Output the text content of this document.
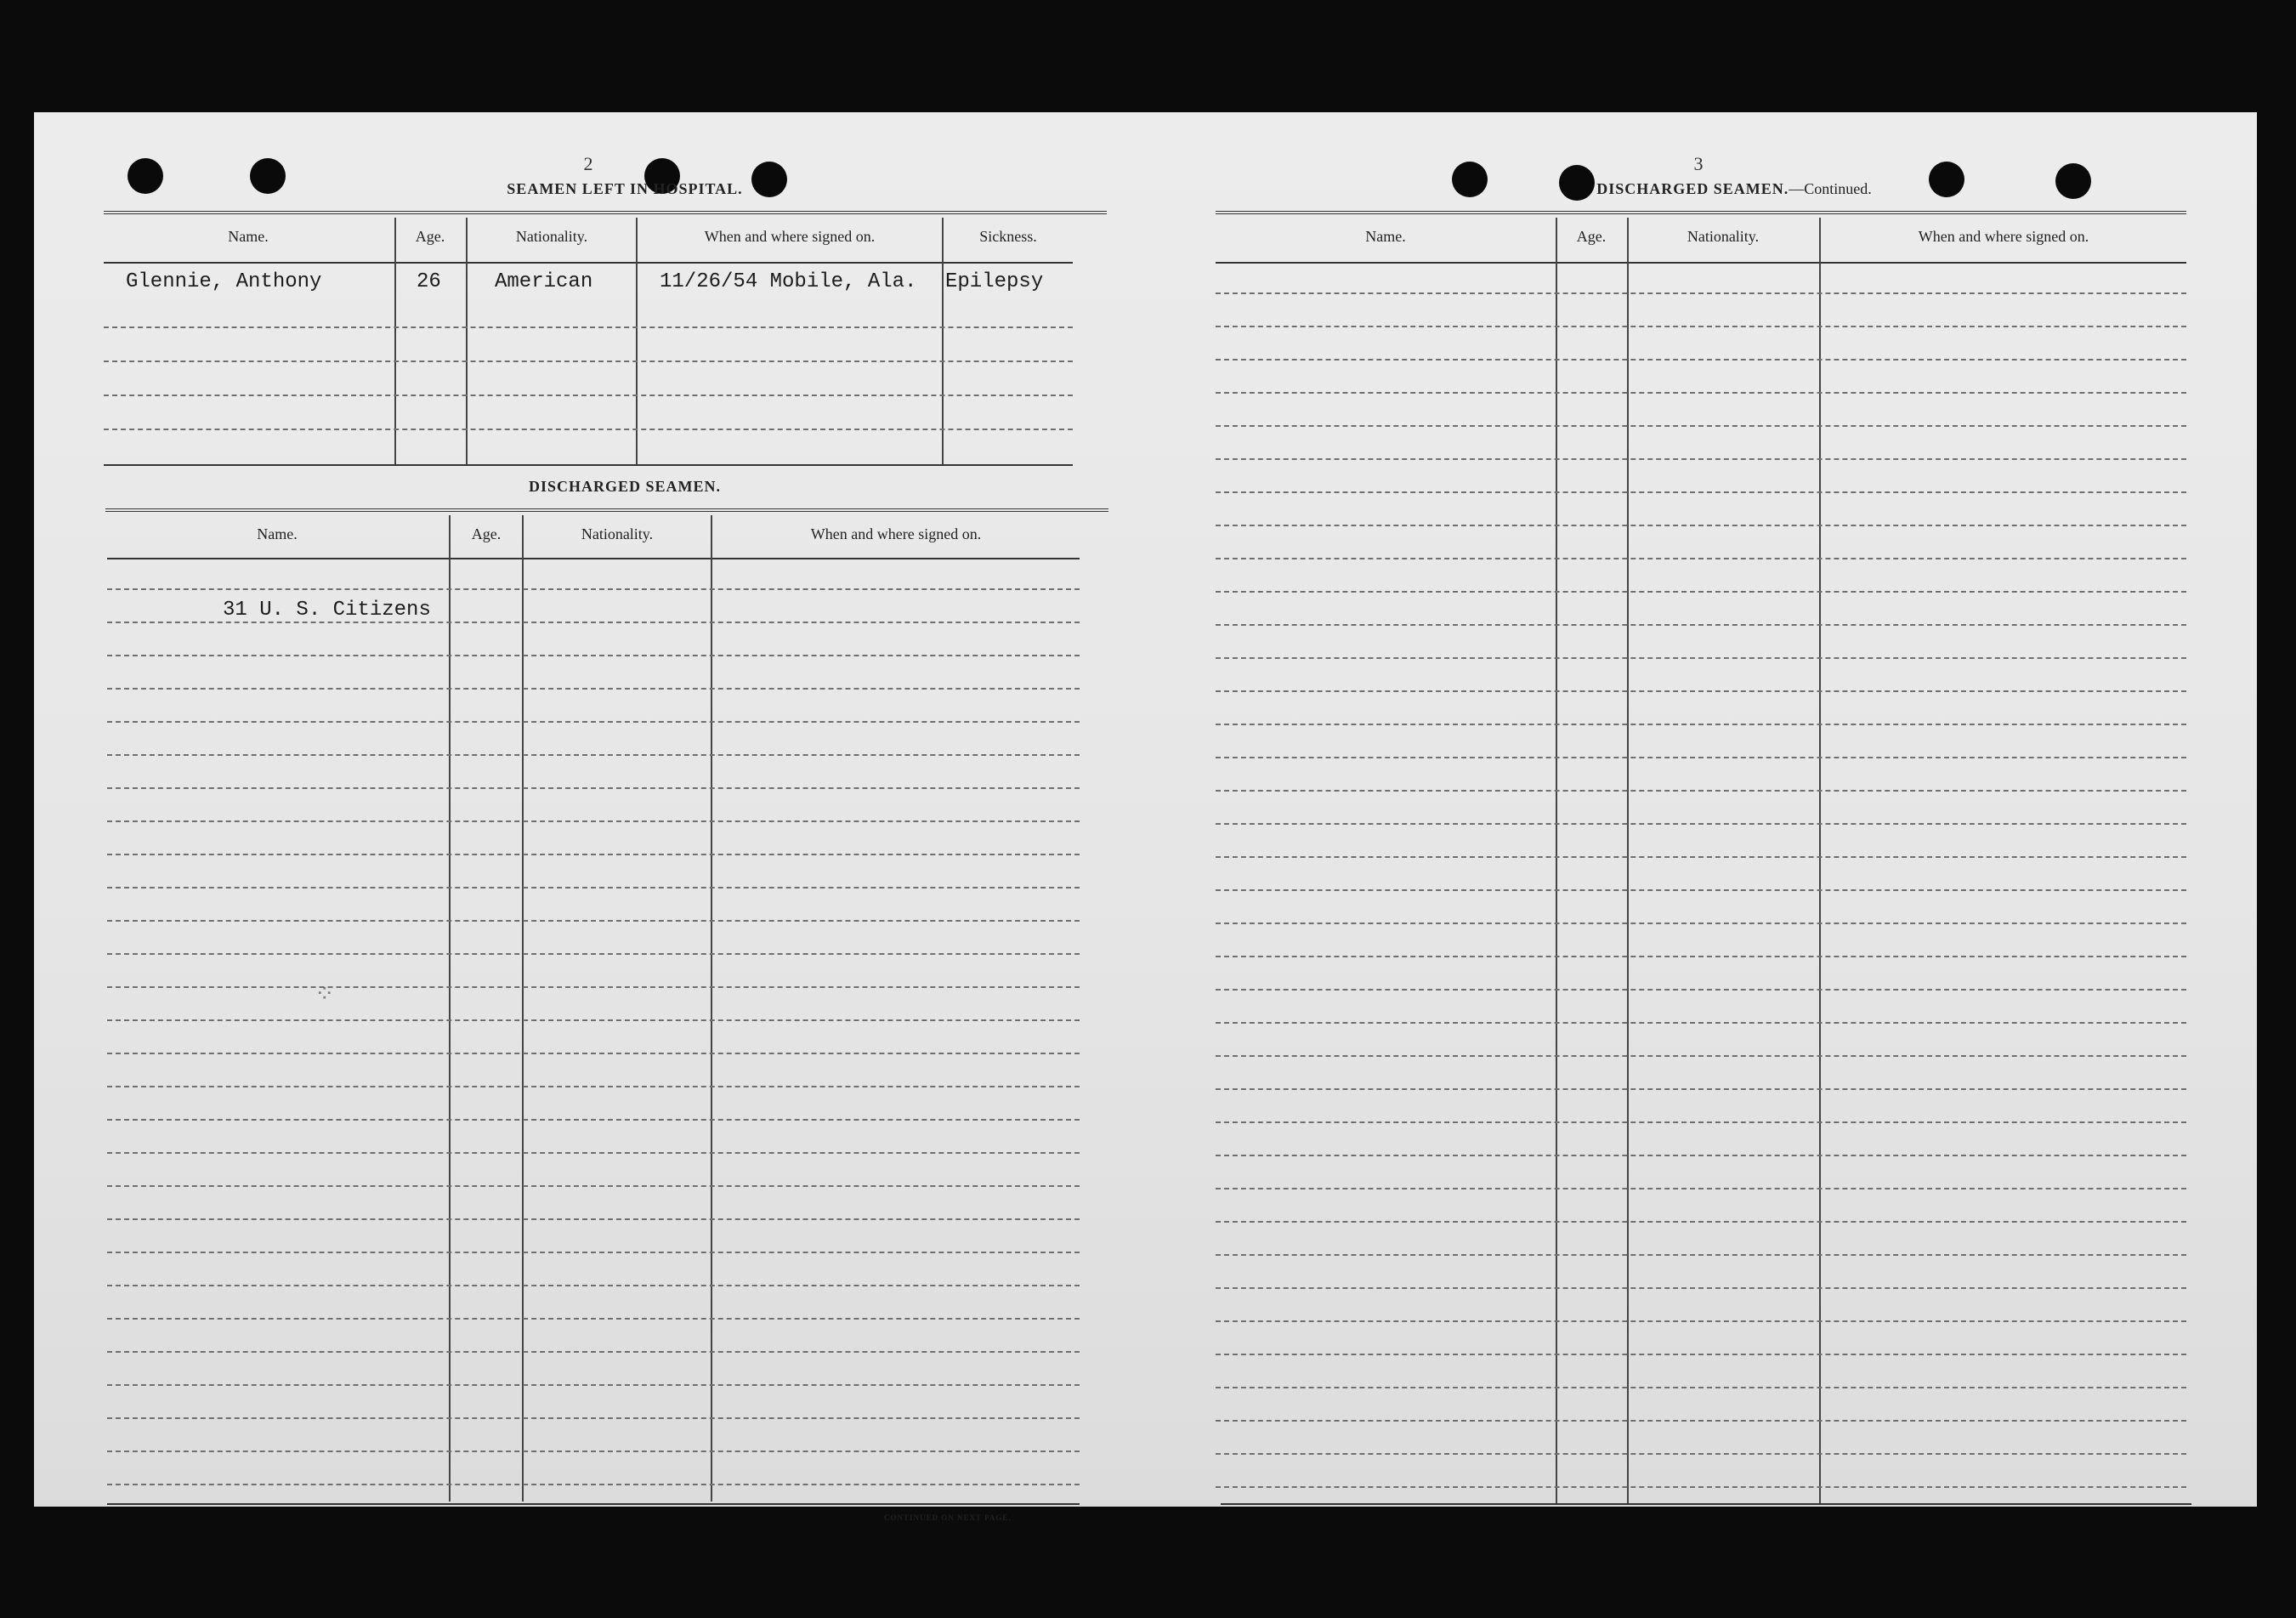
2
SEAMEN LEFT IN HOSPITAL.
Name.	Age.	Nationality.	When and where signed on.	Sickness.
Glennie, Anthony	26	American	11/26/54 Mobile, Ala. Epilepsy
DISCHARGED SEAMEN.
Name.	Age.	Nationality.	When and where signed on.
31 U. S. Citizens
⁘
CONTINUED ON NEXT PAGE.
3
DISCHARGED SEAMEN.—Continued.
Name.	Age.	Nationality.	When and where signed on.
